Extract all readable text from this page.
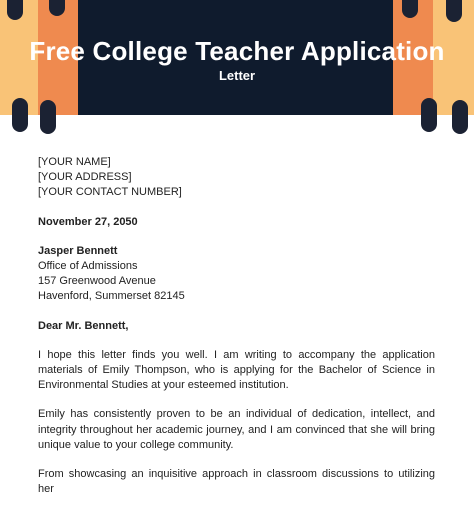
Free College Teacher Application
Letter

[YOUR NAME]

[YOUR ADDRESS]

[YOUR CONTACT NUMBER]

November 27, 2050

Jasper Bennett

Office of Admissions

157 Greenwood Avenue

Havenford, Summerset 82145

Dear Mr. Bennett,

I hope this letter finds you well. I am writing to accompany the application materials of Emily Thompson, who is applying for the Bachelor of Science in Environmental Studies at your esteemed institution.

Emily has consistently proven to be an individual of dedication, intellect, and integrity throughout her academic journey, and I am convinced that she will bring unique value to your college community.

From showcasing an inquisitive approach in classroom discussions to utilizing her
